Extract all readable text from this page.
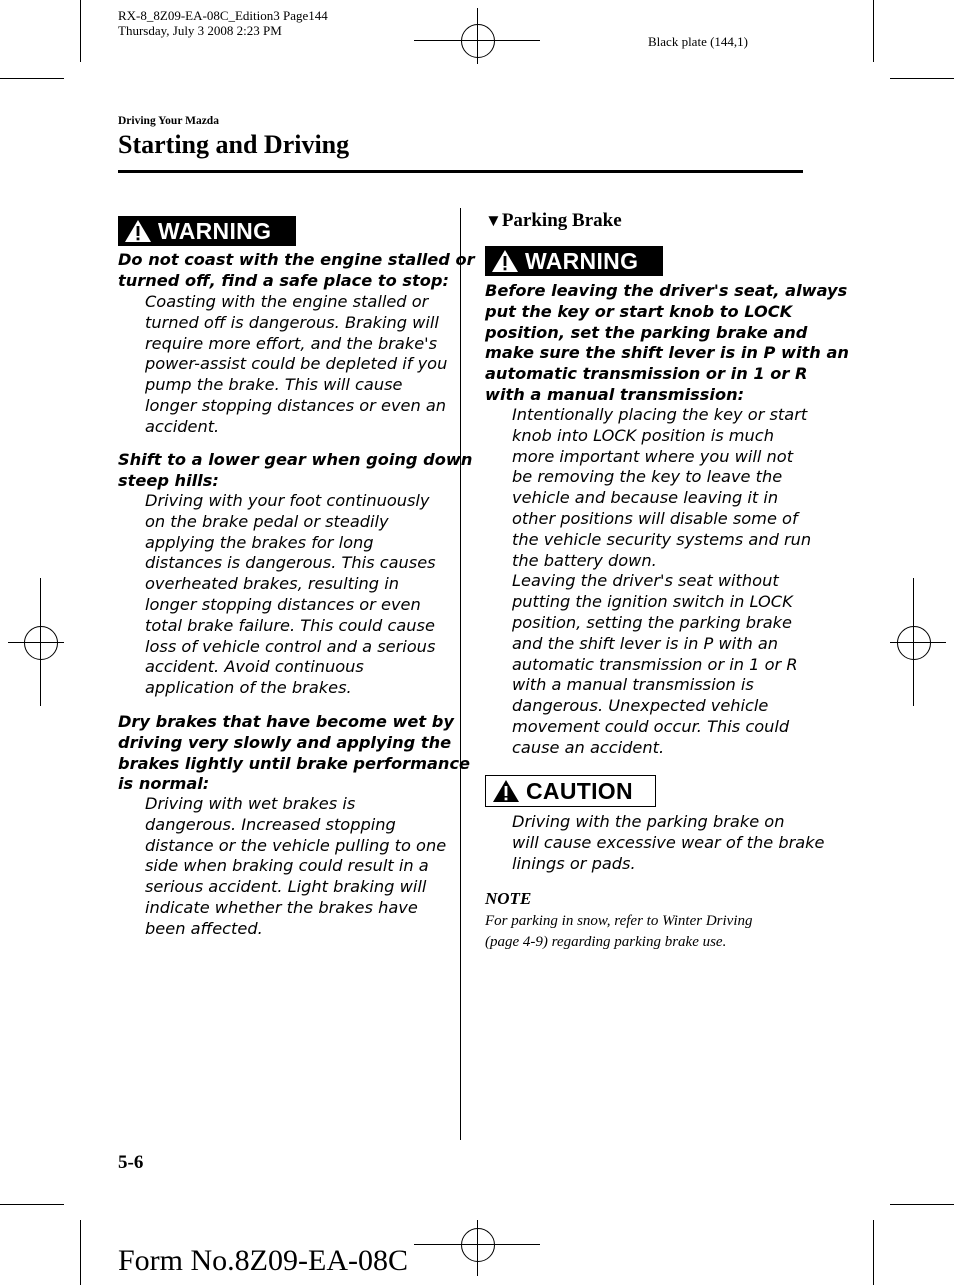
RX-8_8Z09-EA-08C_Edition3 Page144
Thursday, July 3 2008 2:23 PM
Black plate (144,1)
Driving Your Mazda
Starting and Driving
WARNING
Do not coast with the engine stalled or
turned off, find a safe place to stop:
Coasting with the engine stalled or
turned off is dangerous. Braking will
require more effort, and the brake's
power-assist could be depleted if you
pump the brake. This will cause
longer stopping distances or even an
accident.
Shift to a lower gear when going down
steep hills:
Driving with your foot continuously
on the brake pedal or steadily
applying the brakes for long
distances is dangerous. This causes
overheated brakes, resulting in
longer stopping distances or even
total brake failure. This could cause
loss of vehicle control and a serious
accident. Avoid continuous
application of the brakes.
Dry brakes that have become wet by
driving very slowly and applying the
brakes lightly until brake performance
is normal:
Driving with wet brakes is
dangerous. Increased stopping
distance or the vehicle pulling to one
side when braking could result in a
serious accident. Light braking will
indicate whether the brakes have
been affected.
▼Parking Brake
WARNING
Before leaving the driver's seat, always
put the key or start knob to LOCK
position, set the parking brake and
make sure the shift lever is in P with an
automatic transmission or in 1 or R
with a manual transmission:
Intentionally placing the key or start
knob into LOCK position is much
more important where you will not
be removing the key to leave the
vehicle and because leaving it in
other positions will disable some of
the vehicle security systems and run
the battery down.
Leaving the driver's seat without
putting the ignition switch in LOCK
position, setting the parking brake
and the shift lever is in P with an
automatic transmission or in 1 or R
with a manual transmission is
dangerous. Unexpected vehicle
movement could occur. This could
cause an accident.
CAUTION
Driving with the parking brake on
will cause excessive wear of the brake
linings or pads.
NOTE
For parking in snow, refer to Winter Driving
(page 4-9) regarding parking brake use.
5-6
Form No.8Z09-EA-08C
